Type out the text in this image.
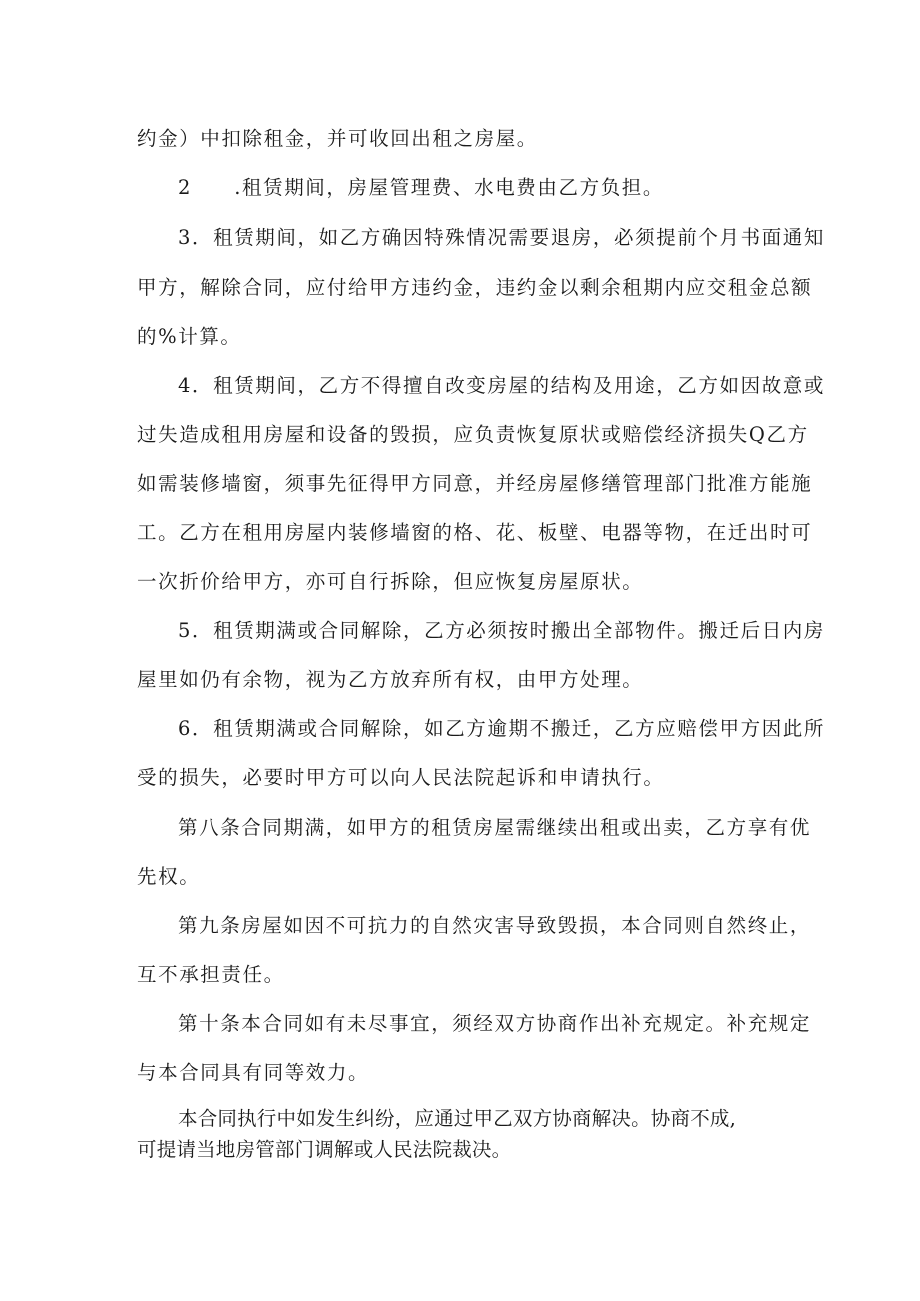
约金）中扣除租金，并可收回出租之房屋。
2　　.租赁期间，房屋管理费、水电费由乙方负担。
3．租赁期间，如乙方确因特殊情况需要退房，必须提前个月书面通知
甲方，解除合同，应付给甲方违约金，违约金以剩余租期内应交租金总额
的%计算。
4．租赁期间，乙方不得擅自改变房屋的结构及用途，乙方如因故意或
过失造成租用房屋和设备的毁损，应负责恢复原状或赔偿经济损失Q乙方
如需装修墙窗，须事先征得甲方同意，并经房屋修缮管理部门批准方能施
工。乙方在租用房屋内装修墙窗的格、花、板壁、电器等物，在迁出时可
一次折价给甲方，亦可自行拆除，但应恢复房屋原状。
5．租赁期满或合同解除，乙方必须按时搬出全部物件。搬迁后日内房
屋里如仍有余物，视为乙方放弃所有权，由甲方处理。
6．租赁期满或合同解除，如乙方逾期不搬迁，乙方应赔偿甲方因此所
受的损失，必要时甲方可以向人民法院起诉和申请执行。
第八条合同期满，如甲方的租赁房屋需继续出租或出卖，乙方享有优
先权。
第九条房屋如因不可抗力的自然灾害导致毁损，本合同则自然终止，
互不承担责任。
第十条本合同如有未尽事宜，须经双方协商作出补充规定。补充规定
与本合同具有同等效力。
本合同执行中如发生纠纷，应通过甲乙双方协商解决。协商不成,
可提请当地房管部门调解或人民法院裁决。
